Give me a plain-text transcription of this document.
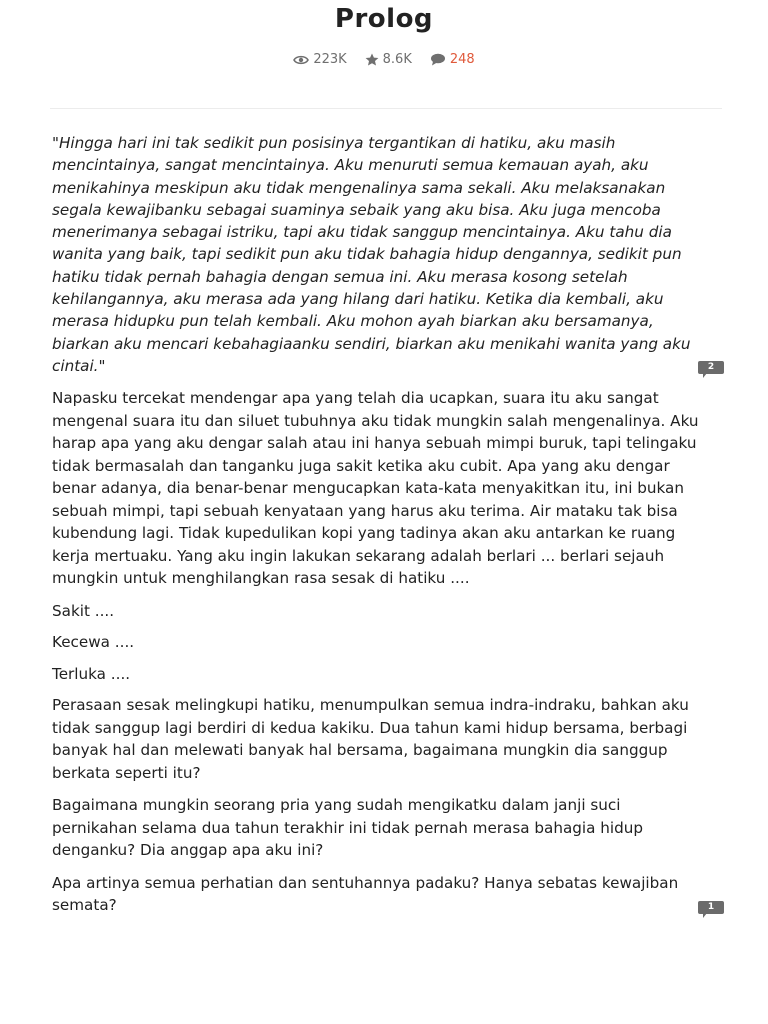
Prolog
223K	8.6K	248

"Hingga hari ini tak sedikit pun posisinya tergantikan di hatiku, aku masih mencintainya, sangat mencintainya. Aku menuruti semua kemauan ayah, aku menikahinya meskipun aku tidak mengenalinya sama sekali. Aku melaksanakan segala kewajibanku sebagai suaminya sebaik yang aku bisa. Aku juga mencoba menerimanya sebagai istriku, tapi aku tidak sanggup mencintainya. Aku tahu dia wanita yang baik, tapi sedikit pun aku tidak bahagia hidup dengannya, sedikit pun hatiku tidak pernah bahagia dengan semua ini. Aku merasa kosong setelah kehilangannya, aku merasa ada yang hilang dari hatiku. Ketika dia kembali, aku merasa hidupku pun telah kembali. Aku mohon ayah biarkan aku bersamanya, biarkan aku mencari kebahagiaanku sendiri, biarkan aku menikahi wanita yang aku cintai."	2

Napasku tercekat mendengar apa yang telah dia ucapkan, suara itu aku sangat mengenal suara itu dan siluet tubuhnya aku tidak mungkin salah mengenalinya. Aku harap apa yang aku dengar salah atau ini hanya sebuah mimpi buruk, tapi telingaku tidak bermasalah dan tanganku juga sakit ketika aku cubit. Apa yang aku dengar benar adanya, dia benar-benar mengucapkan kata-kata menyakitkan itu, ini bukan sebuah mimpi, tapi sebuah kenyataan yang harus aku terima. Air mataku tak bisa kubendung lagi. Tidak kupedulikan kopi yang tadinya akan aku antarkan ke ruang kerja mertuaku. Yang aku ingin lakukan sekarang adalah berlari ... berlari sejauh mungkin untuk menghilangkan rasa sesak di hatiku ....

Sakit ....

Kecewa ....

Terluka ....

Perasaan sesak melingkupi hatiku, menumpulkan semua indra-indraku, bahkan aku tidak sanggup lagi berdiri di kedua kakiku. Dua tahun kami hidup bersama, berbagi banyak hal dan melewati banyak hal bersama, bagaimana mungkin dia sanggup berkata seperti itu?

Bagaimana mungkin seorang pria yang sudah mengikatku dalam janji suci pernikahan selama dua tahun terakhir ini tidak pernah merasa bahagia hidup denganku? Dia anggap apa aku ini?

Apa artinya semua perhatian dan sentuhannya padaku? Hanya sebatas kewajiban semata?	1
